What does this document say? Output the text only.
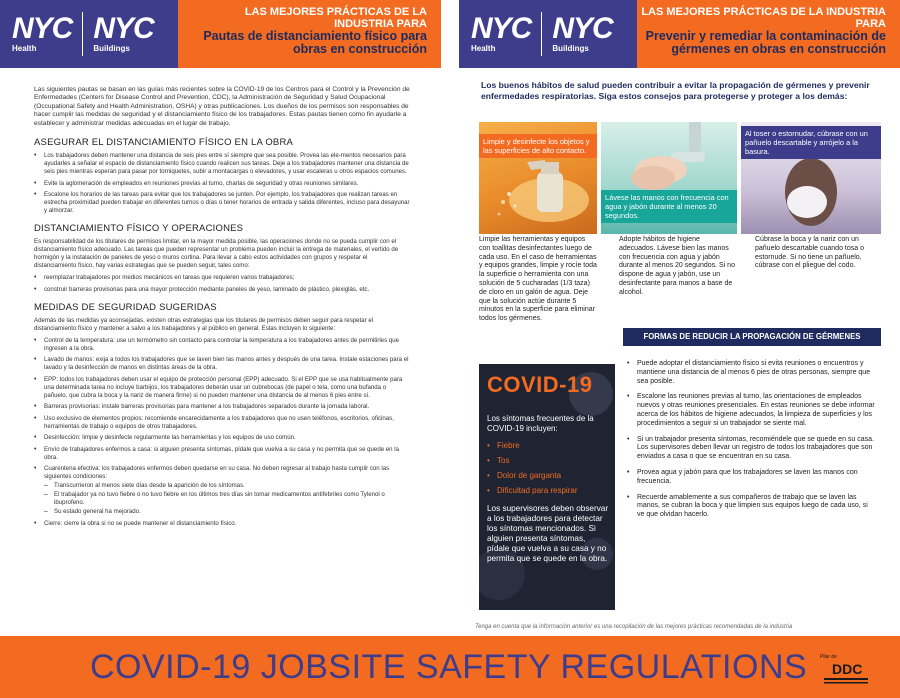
NYC
Health
NYC
Buildings
LAS MEJORES PRÁCTICAS DE LA INDUSTRIA PARA
Pautas de distanciamiento físico para obras en construcción

Las siguientes pautas se basan en las guías más recientes sobre la COVID-19 de los Centros para el Control y la Prevención de Enfermedades (Centers for Disease Control and Prevention, CDC), la Administración de Seguridad y Salud Ocupacional (Occupational Safety and Health Administration, OSHA) y otras publicaciones. Los dueños de los permisos son responsables de hacer cumplir las medidas de seguridad y el distanciamiento físico de los trabajadores. Estas pautas tienen como fin ayudarle a establecer y administrar medidas adecuadas en el lugar de trabajo.

ASEGURAR EL DISTANCIAMIENTO FÍSICO EN LA OBRA
• Los trabajadores deben mantener una distancia de seis pies entre sí siempre que sea posible. Provea las ele-mentos necesarios para ayudarles a señalar el espacio de distanciamiento físico cuando realicen sus tareas. Deje a los trabajadores mantener una distancia de seis pies mientras esperan para pasar por torniquetes, subir a montacargas o elevadores, y usar escaleras u otros espacios comunes.
• Evite la aglomeración de empleados en reuniones previas al turno, charlas de seguridad y otras reuniones similares.
• Escalone los horarios de las tareas para evitar que los trabajadores se junten. Por ejemplo, los trabajadores que realizan tareas en estrecha proximidad pueden trabajar en diferentes turnos o días o tener horarios de entrada y salida diferentes, incluso para desayunar y almorzar.
DISTANCIAMIENTO FÍSICO Y OPERACIONES

Es responsabilidad de los titulares de permisos limitar, en la mayor medida posible, las operaciones donde no se pueda cumplir con el distanciamiento físico adecuado. Las tareas que pueden representar un problema pueden incluir la entrega de materiales, el vertido de hormigón y la instalación de paneles de yeso o muros cortina. Para llevar a cabo estos actividades con grupos y respetar el distanciamiento físico, hay varias estrategias que se pueden seguir, tales como:

• reemplazar trabajadores por medios mecánicos en tareas que requieren varios trabajadores;
• construir barreras provisorias para una mayor protección mediante paneles de yeso, laminado de plástico, plexiglás, etc.
MEDIDAS DE SEGURIDAD SUGERIDAS

Además de las medidas ya aconsejadas, existen otras estrategias que los titulares de permisos deben seguir para respetar el distanciamiento físico y mantener a salvo a los trabajadores y al público en general. Estas incluyen lo siguiente:

• Control de la temperatura: use un termómetro sin contacto para controlar la temperatura a los trabajadores antes de permitirles que ingresen a la obra.
• Lavado de manos: exija a todos los trabajadores que se laven bien las manos antes y después de una tarea. Instale estaciones para el lavado y la desinfección de manos en distintas áreas de la obra.
• EPP: todos los trabajadores deben usar el equipo de protección personal (EPP) adecuado. Si el EPP que se usa habitualmente para una determinada tarea no incluye barbijos, los trabajadores deberán usar un cubrebocas (de papel o tela, como una bufanda o pañuelo, que cubra la boca y la nariz de manera firme) si no pueden mantener una distancia de al menos 6 pies entre sí.
• Barreras provisorias: instale barreras provisorias para mantener a los trabajadores separados durante la jornada laboral.
• Uso exclusivo de elementos propios: recomiende encarecidamente a los trabajadores que no usen teléfonos, escritorios, oficinas, herramientas de trabajo o equipos de otros trabajadores.
• Desinfección: limpie y desinfecte regularmente las herramientas y los equipos de uso común.
• Envío de trabajadores enfermos a casa: si alguien presenta síntomas, pídale que vuelva a su casa y no permita que se quede en la obra.
• Cuarentena efectiva: los trabajadores enfermos deben quedarse en su casa. No deben regresar al trabajo hasta cumplir con las siguientes condiciones:
– Transcurrieron al menos siete días desde la aparición de los síntomas.
– El trabajador ya no tuvo fiebre o no tuvo fiebre en los últimos tres días sin tomar medicamentos antifebriles como Tylenol o ibuprofeno.
– Su estado general ha mejorado.
• Cierre: cierre la obra si no se puede mantener el distanciamiento físico.
NYC
Health
NYC
Buildings
LAS MEJORES PRÁCTICAS DE LA INDUSTRIA PARA
Prevenir y remediar la contaminación de gérmenes en obras en construcción

Los buenos hábitos de salud pueden contribuir a evitar la propagación de gérmenes y prevenir enfermedades respiratorias. Siga estos consejos para protegerse y proteger a los demás:

Limpie y desinfecte los objetos y las superficies de alto contacto.
Lávese las manos con frecuencia con agua y jabón durante al menos 20 segundos.
Al toser o estornudar, cúbrase con un pañuelo descartable y arrójelo a la basura.

Limpie las herramientas y equipos con toallitas desinfectantes luego de cada uso. En el caso de herramientas y equipos grandes, limpie y rocíe toda la superficie o herramienta con una solución de 5 cucharadas (1/3 taza) de cloro en un galón de agua. Deje que la solución actúe durante 5 minutos en la superficie para eliminar todos los gérmenes.

Adopte hábitos de higiene adecuados. Lávese bien las manos con frecuencia con agua y jabón durante al menos 20 segundos. Si no dispone de agua y jabón, use un desinfectante para manos a base de alcohol.

Cúbrase la boca y la nariz con un pañuelo descartable cuando tosa o estornude. Si no tiene un pañuelo, cúbrase con el pliegue del codo.

FORMAS DE REDUCIR LA PROPAGACIÓN DE GÉRMENES
COVID-19

Los síntomas frecuentes de la COVID-19 incluyen:

• Fiebre
• Tos
• Dolor de garganta
• Dificultad para respirar

Los supervisores deben observar a los trabajadores para detectar los síntomas mencionados. Si alguien presenta síntomas, pídale que vuelva a su casa y no permita que se quede en la obra.

• Puede adoptar el distanciamiento físico si evita reuniones o encuentros y mantiene una distancia de al menos 6 pies de otras personas, siempre que sea posible.
• Escalone las reuniones previas al turno, las orientaciones de empleados nuevos y otras reuniones presenciales. En estas reuniones se debe informar acerca de los hábitos de higiene adecuados, la limpieza de superficies y los procedimientos a seguir si un trabajador se siente mal.
• Si un trabajador presenta síntomas, recomiéndele que se quede en su casa. Los supervisores deben llevar un registro de todos los trabajadores que son enviados a casa o que se encuentran en su casa.
• Provea agua y jabón para que los trabajadores se laven las manos con frecuencia.
• Recuerde amablemente a sus compañeros de trabajo que se laven las manos, se cubran la boca y que limpien sus equipos luego de cada uso, si ve que olvidan hacerlo.
Tenga en cuenta que la información anterior es una recopilación de las mejores prácticas recomendadas de la industria
COVID-19 JOBSITE SAFETY REGULATIONS	Pilar de
DDC
